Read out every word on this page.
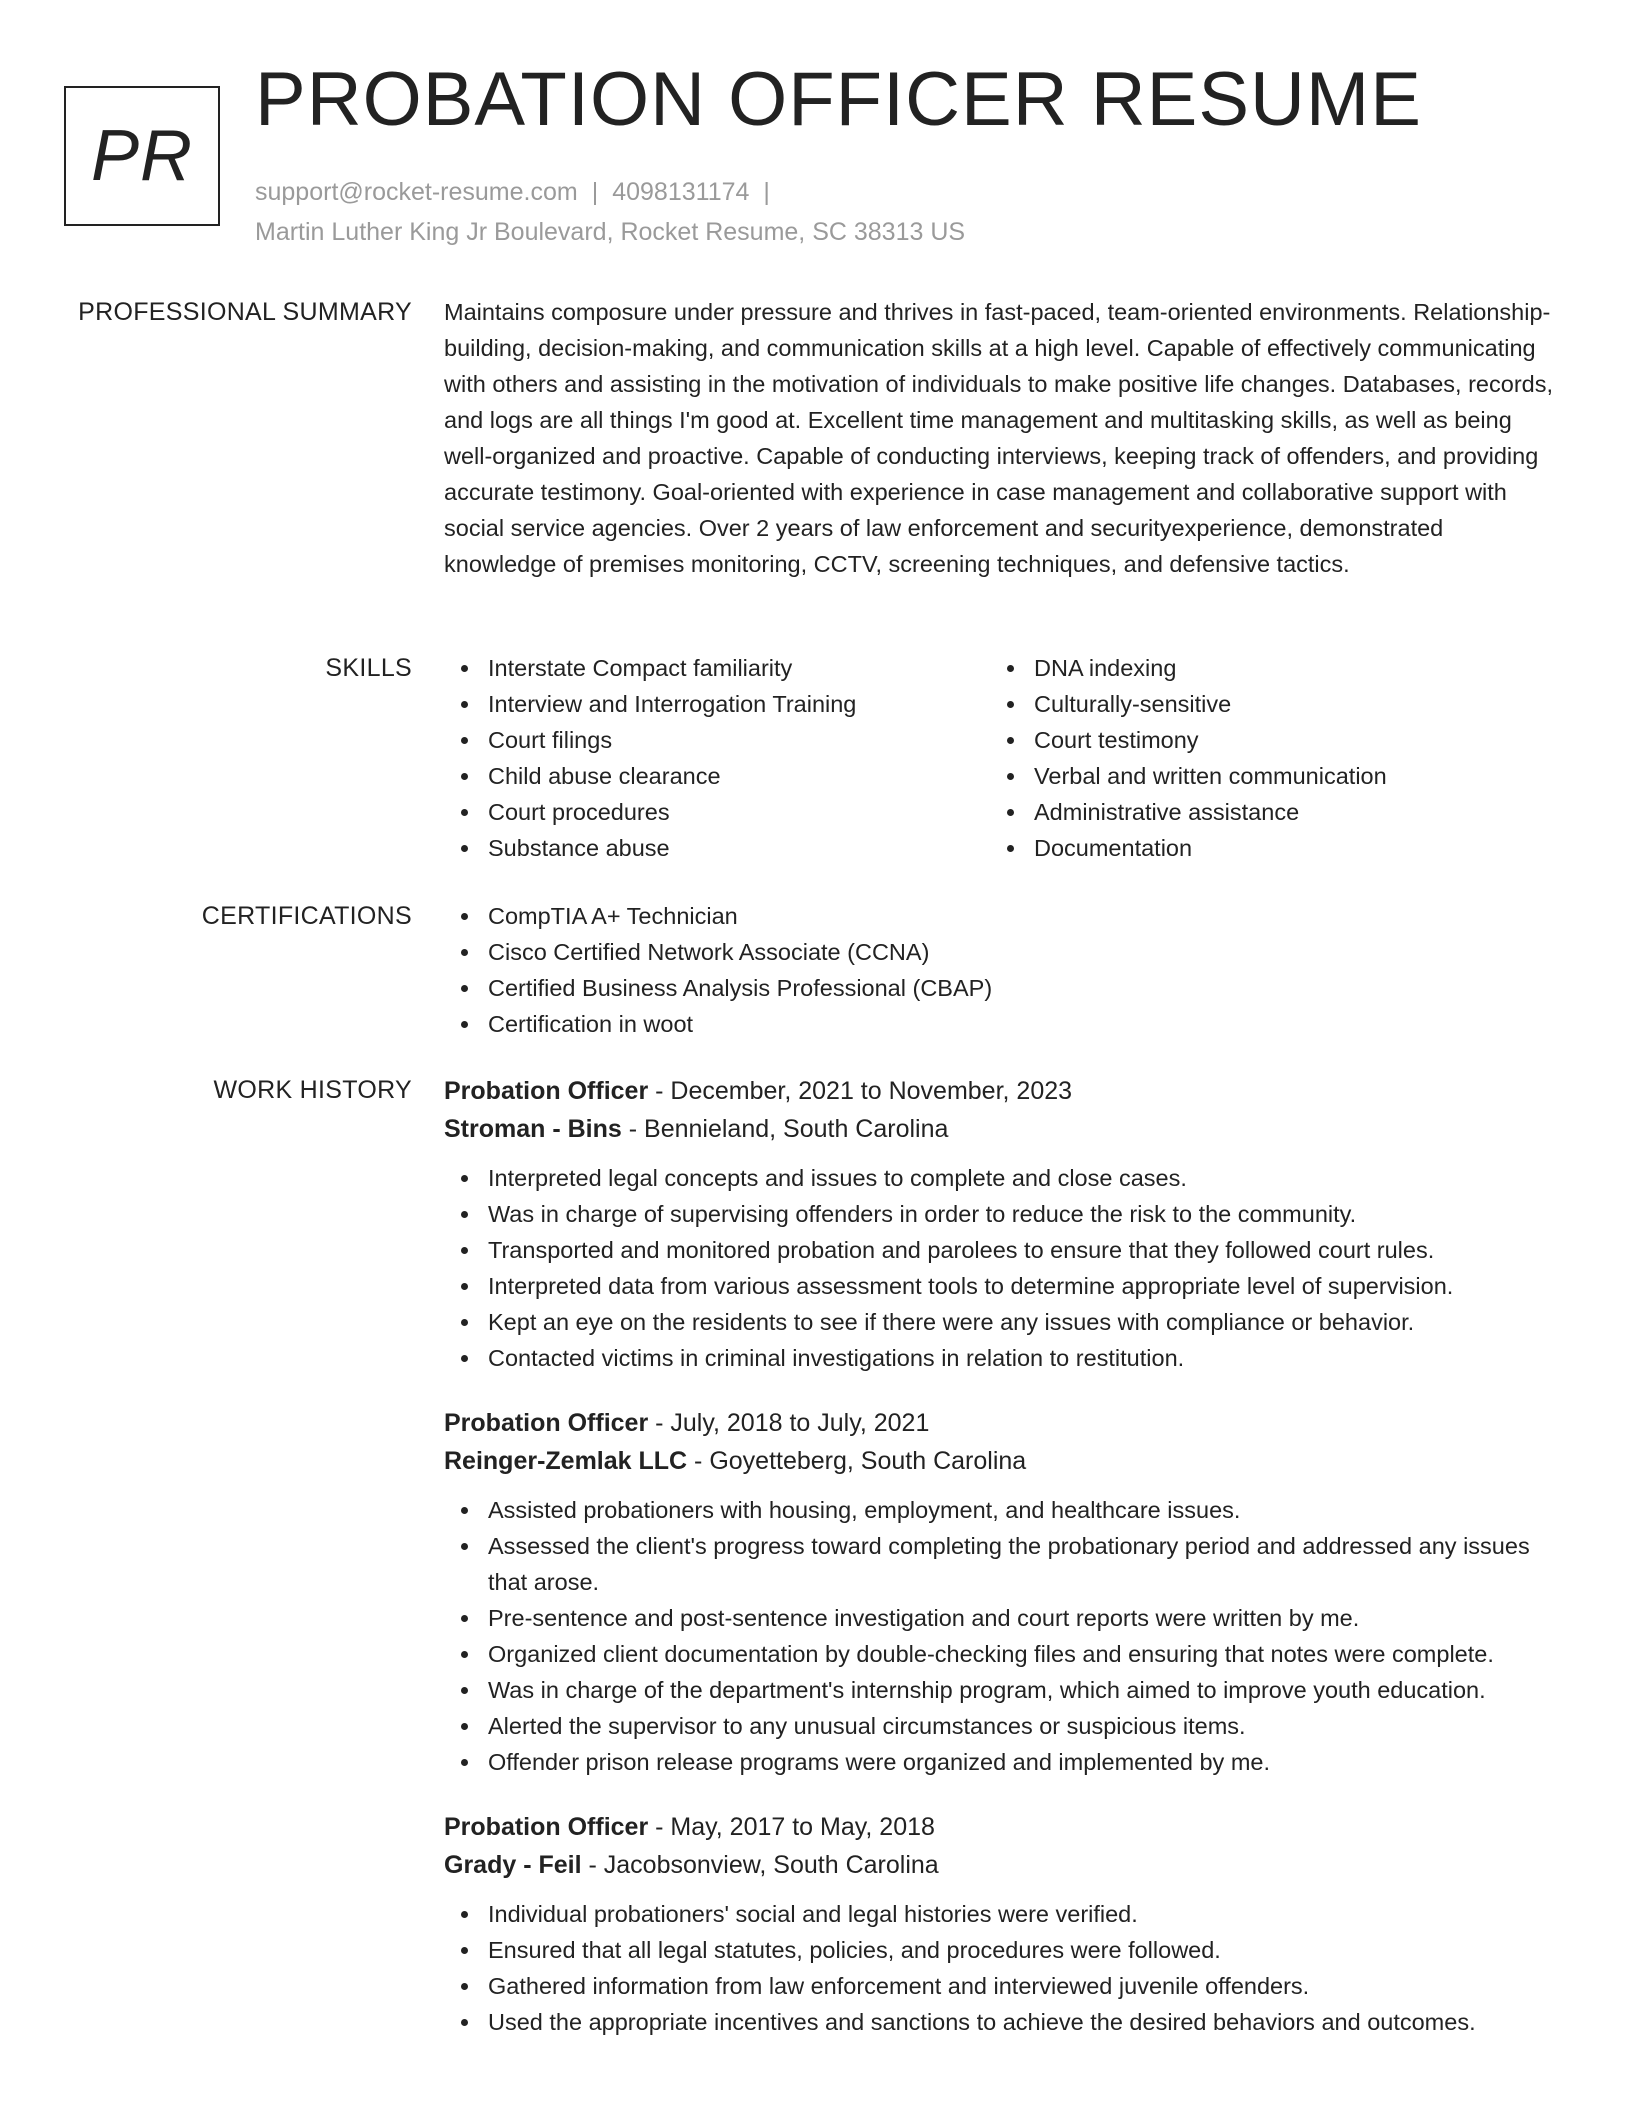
PR
PROBATION OFFICER RESUME
support@rocket-resume.com | 4098131174 |
Martin Luther King Jr Boulevard, Rocket Resume, SC 38313 US
PROFESSIONAL SUMMARY Maintains composure under pressure and thrives in fast-paced, team-oriented environments. Relationship-building, decision-making, and communication skills at a high level. Capable of effectively communicating with others and assisting in the motivation of individuals to make positive life changes. Databases, records, and logs are all things I'm good at. Excellent time management and multitasking skills, as well as being well-organized and proactive. Capable of conducting interviews, keeping track of offenders, and providing accurate testimony. Goal-oriented with experience in case management and collaborative support with social service agencies. Over 2 years of law enforcement and securityexperience, demonstrated knowledge of premises monitoring, CCTV, screening techniques, and defensive tactics.

SKILLS	Interstate Compact familiarity
Interview and Interrogation Training
Court filings
Child abuse clearance
Court procedures
Substance abuse
DNA indexing
Culturally-sensitive
Court testimony
Verbal and written communication
Administrative assistance
Documentation
CERTIFICATIONS	CompTIA A+ Technician
Cisco Certified Network Associate (CCNA)
Certified Business Analysis Professional (CBAP)
Certification in woot
WORK HISTORY Probation Officer - December, 2021 to November, 2023
Stroman - Bins - Bennieland, South Carolina
Interpreted legal concepts and issues to complete and close cases.
Was in charge of supervising offenders in order to reduce the risk to the community.
Transported and monitored probation and parolees to ensure that they followed court rules.
Interpreted data from various assessment tools to determine appropriate level of supervision.
Kept an eye on the residents to see if there were any issues with compliance or behavior.
Contacted victims in criminal investigations in relation to restitution.
Probation Officer - July, 2018 to July, 2021
Reinger-Zemlak LLC - Goyetteberg, South Carolina
Assisted probationers with housing, employment, and healthcare issues.
Assessed the client's progress toward completing the probationary period and addressed any issues that arose.
Pre-sentence and post-sentence investigation and court reports were written by me.
Organized client documentation by double-checking files and ensuring that notes were complete.
Was in charge of the department's internship program, which aimed to improve youth education.
Alerted the supervisor to any unusual circumstances or suspicious items.
Offender prison release programs were organized and implemented by me.
Probation Officer - May, 2017 to May, 2018
Grady - Feil - Jacobsonview, South Carolina
Individual probationers' social and legal histories were verified.
Ensured that all legal statutes, policies, and procedures were followed.
Gathered information from law enforcement and interviewed juvenile offenders.
Used the appropriate incentives and sanctions to achieve the desired behaviors and outcomes.
